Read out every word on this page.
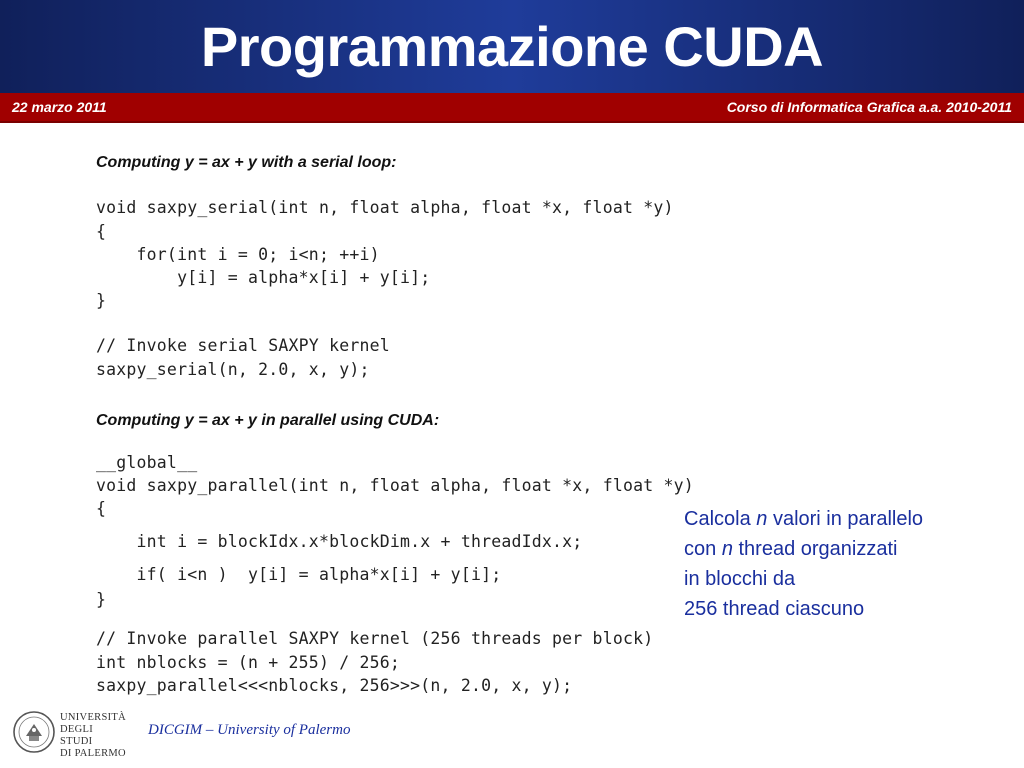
Programmazione CUDA
22 marzo 2011	Corso di Informatica Grafica a.a. 2010-2011
Computing y = ax + y with a serial loop:
void saxpy_serial(int n, float alpha, float *x, float *y)
{
for(int i = 0; i<n; ++i)
y[i] = alpha*x[i] + y[i];
}
// Invoke serial SAXPY kernel
saxpy_serial(n, 2.0, x, y);
Computing y = ax + y in parallel using CUDA:
__global__
void saxpy_parallel(int n, float alpha, float *x, float *y)
{
int i = blockIdx.x*blockDim.x + threadIdx.x;
if( i<n )  y[i] = alpha*x[i] + y[i];
}
// Invoke parallel SAXPY kernel (256 threads per block)
int nblocks = (n + 255) / 256;
saxpy_parallel<<<nblocks, 256>>>(n, 2.0, x, y);
Calcola n valori in parallelo
con n thread organizzati
in blocchi da
256 thread ciascuno
UNIVERSITÀ
DEGLI STUDI
DI PALERMO
DICGIM – University of Palermo
